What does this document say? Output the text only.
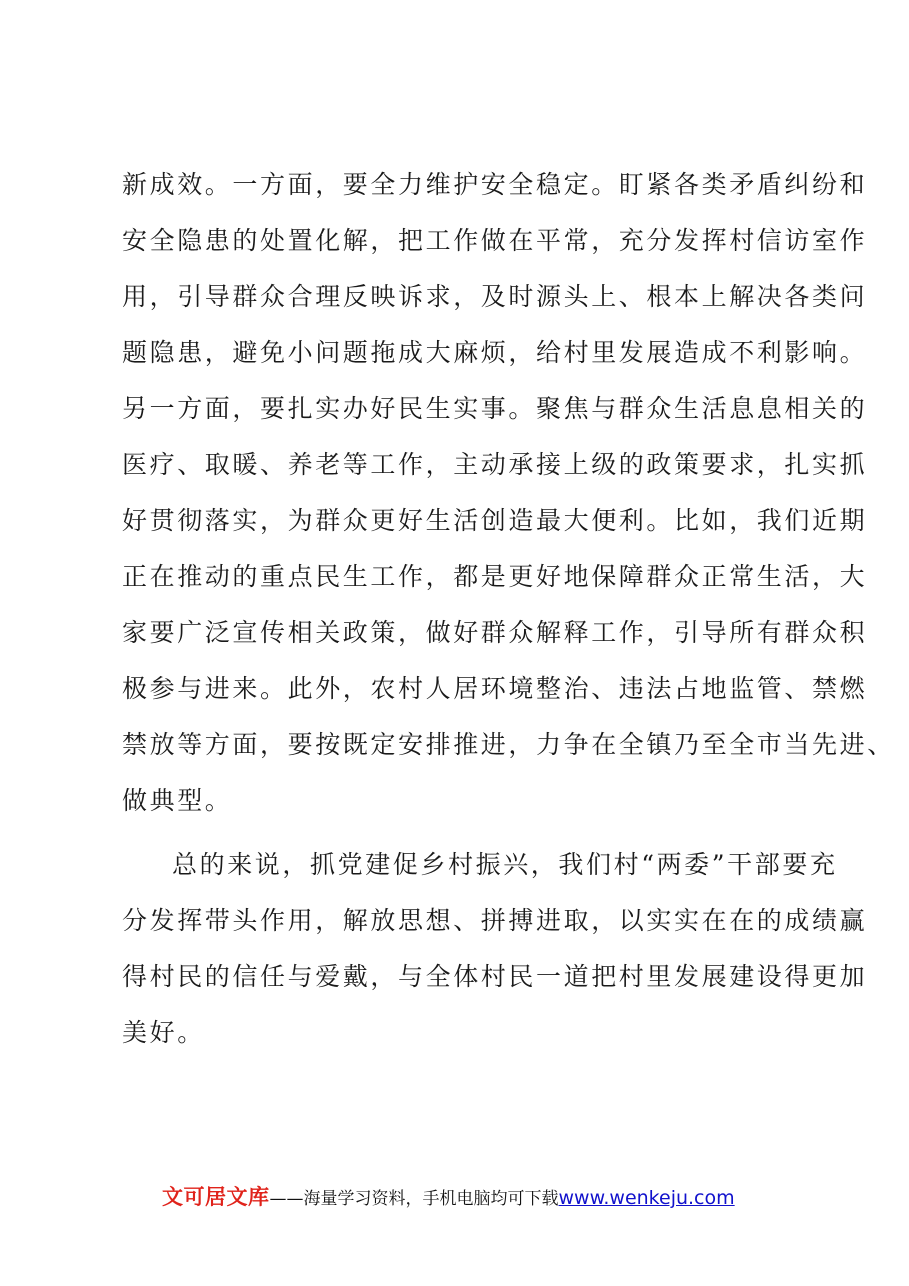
新成效。一方面，要全力维护安全稳定。盯紧各类矛盾纠纷和
安全隐患的处置化解，把工作做在平常，充分发挥村信访室作
用，引导群众合理反映诉求，及时源头上、根本上解决各类问
题隐患，避免小问题拖成大麻烦，给村里发展造成不利影响。
另一方面，要扎实办好民生实事。聚焦与群众生活息息相关的
医疗、取暖、养老等工作，主动承接上级的政策要求，扎实抓
好贯彻落实，为群众更好生活创造最大便利。比如，我们近期
正在推动的重点民生工作，都是更好地保障群众正常生活，大
家要广泛宣传相关政策，做好群众解释工作，引导所有群众积
极参与进来。此外，农村人居环境整治、违法占地监管、禁燃
禁放等方面，要按既定安排推进，力争在全镇乃至全市当先进、
做典型。
总的来说，抓党建促乡村振兴，我们村“两委”干部要充
分发挥带头作用，解放思想、拼搏进取，以实实在在的成绩赢
得村民的信任与爱戴，与全体村民一道把村里发展建设得更加
美好。
文可居文库——海量学习资料，手机电脑均可下载www.wenkeju.com
